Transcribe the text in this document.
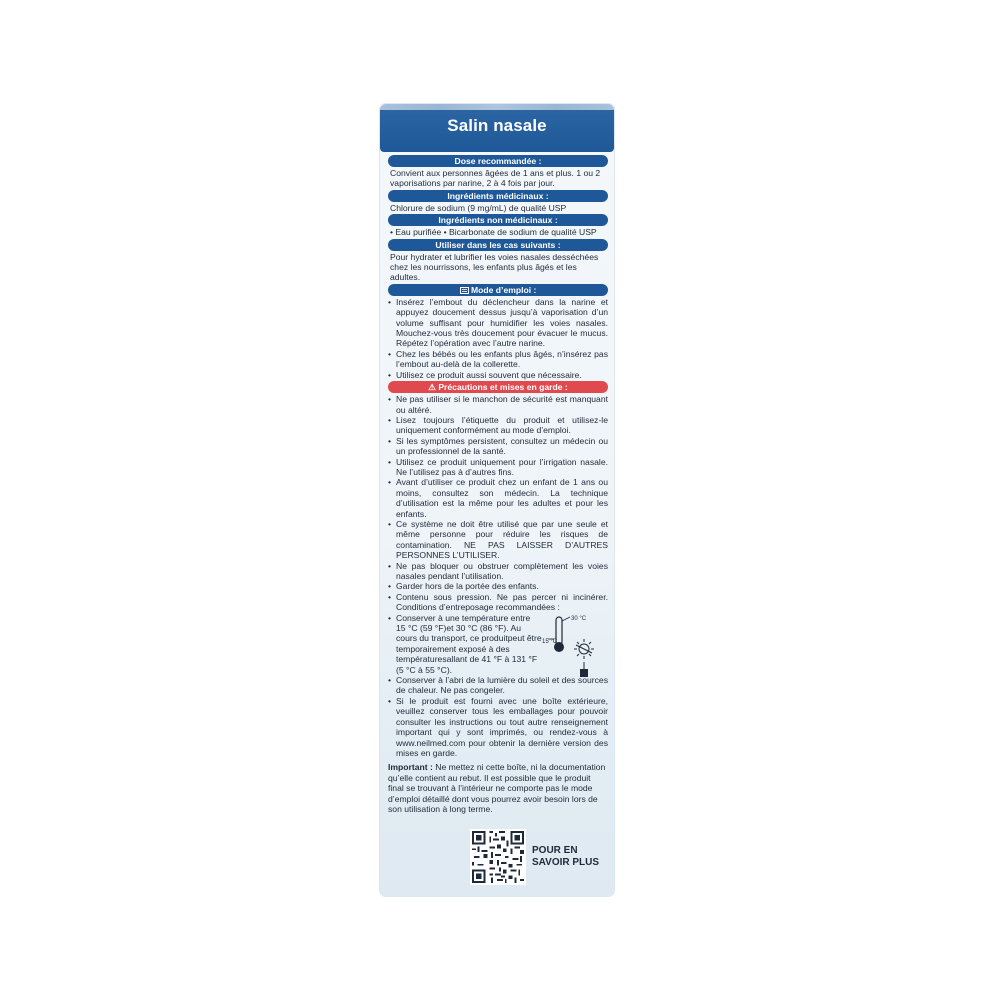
Salin nasale
Dose recommandée :
Convient aux personnes âgées de 1 ans et plus. 1 ou 2 vaporisations par narine, 2 à 4 fois par jour.
Ingrédients médicinaux :
Chlorure de sodium (9 mg/mL) de qualité USP
Ingrédients non médicinaux :
• Eau purifiée • Bicarbonate de sodium de qualité USP
Utiliser dans les cas suivants :
Pour hydrater et lubrifier les voies nasales desséchées chez les nourrissons, les enfants plus âgés et les adultes.
Mode d’emploi :
• Insérez l’embout du déclencheur dans la narine et appuyez doucement dessus jusqu’à vaporisation d’un volume suffisant pour humidifier les voies nasales. Mouchez-vous très doucement pour évacuer le mucus. Répétez l’opération avec l’autre narine.
• Chez les bébés ou les enfants plus âgés, n’insérez pas l’embout au-delà de la collerette.
• Utilisez ce produit aussi souvent que nécessaire.
⚠ Précautions et mises en garde :
• Ne pas utiliser si le manchon de sécurité est manquant ou altéré.
• Lisez toujours l’étiquette du produit et utilisez-le uniquement conformément au mode d’emploi.
• Si les symptômes persistent, consultez un médecin ou un professionnel de la santé.
• Utilisez ce produit uniquement pour l’irrigation nasale. Ne l’utilisez pas à d’autres fins.
• Avant d’utiliser ce produit chez un enfant de 1 ans ou moins, consultez son médecin. La technique d’utilisation est la même pour les adultes et pour les enfants.
• Ce système ne doit être utilisé que par une seule et même personne pour réduire les risques de contamination. NE PAS LAISSER D’AUTRES PERSONNES L’UTILISER.
• Ne pas bloquer ou obstruer complètement les voies nasales pendant l’utilisation.
• Garder hors de la portée des enfants.
• Contenu sous pression. Ne pas percer ni incinérer. Conditions d’entreposage recommandées :
• Conserver à une température entre 15 °C (59 °F)et 30 °C (86 °F). Au cours du transport, ce produitpeut être temporairement exposé à des températuresallant de 41 °F à 131 °F (5 °C à 55 °C).
30 °C
15 °C
• Conserver à l’abri de la lumière du soleil et des sources de chaleur. Ne pas congeler.
• Si le produit est fourni avec une boîte extérieure, veuillez conserver tous les emballages pour pouvoir consulter les instructions ou tout autre renseignement important qui y sont imprimés, ou rendez-vous à www.neilmed.com pour obtenir la dernière version des mises en garde.
Important : Ne mettez ni cette boîte, ni la documentation qu’elle contient au rebut. Il est possible que le produit final se trouvant à l’intérieur ne comporte pas le mode d’emploi détaillé dont vous pourrez avoir besoin lors de son utilisation à long terme.
POUR EN
SAVOIR PLUS
